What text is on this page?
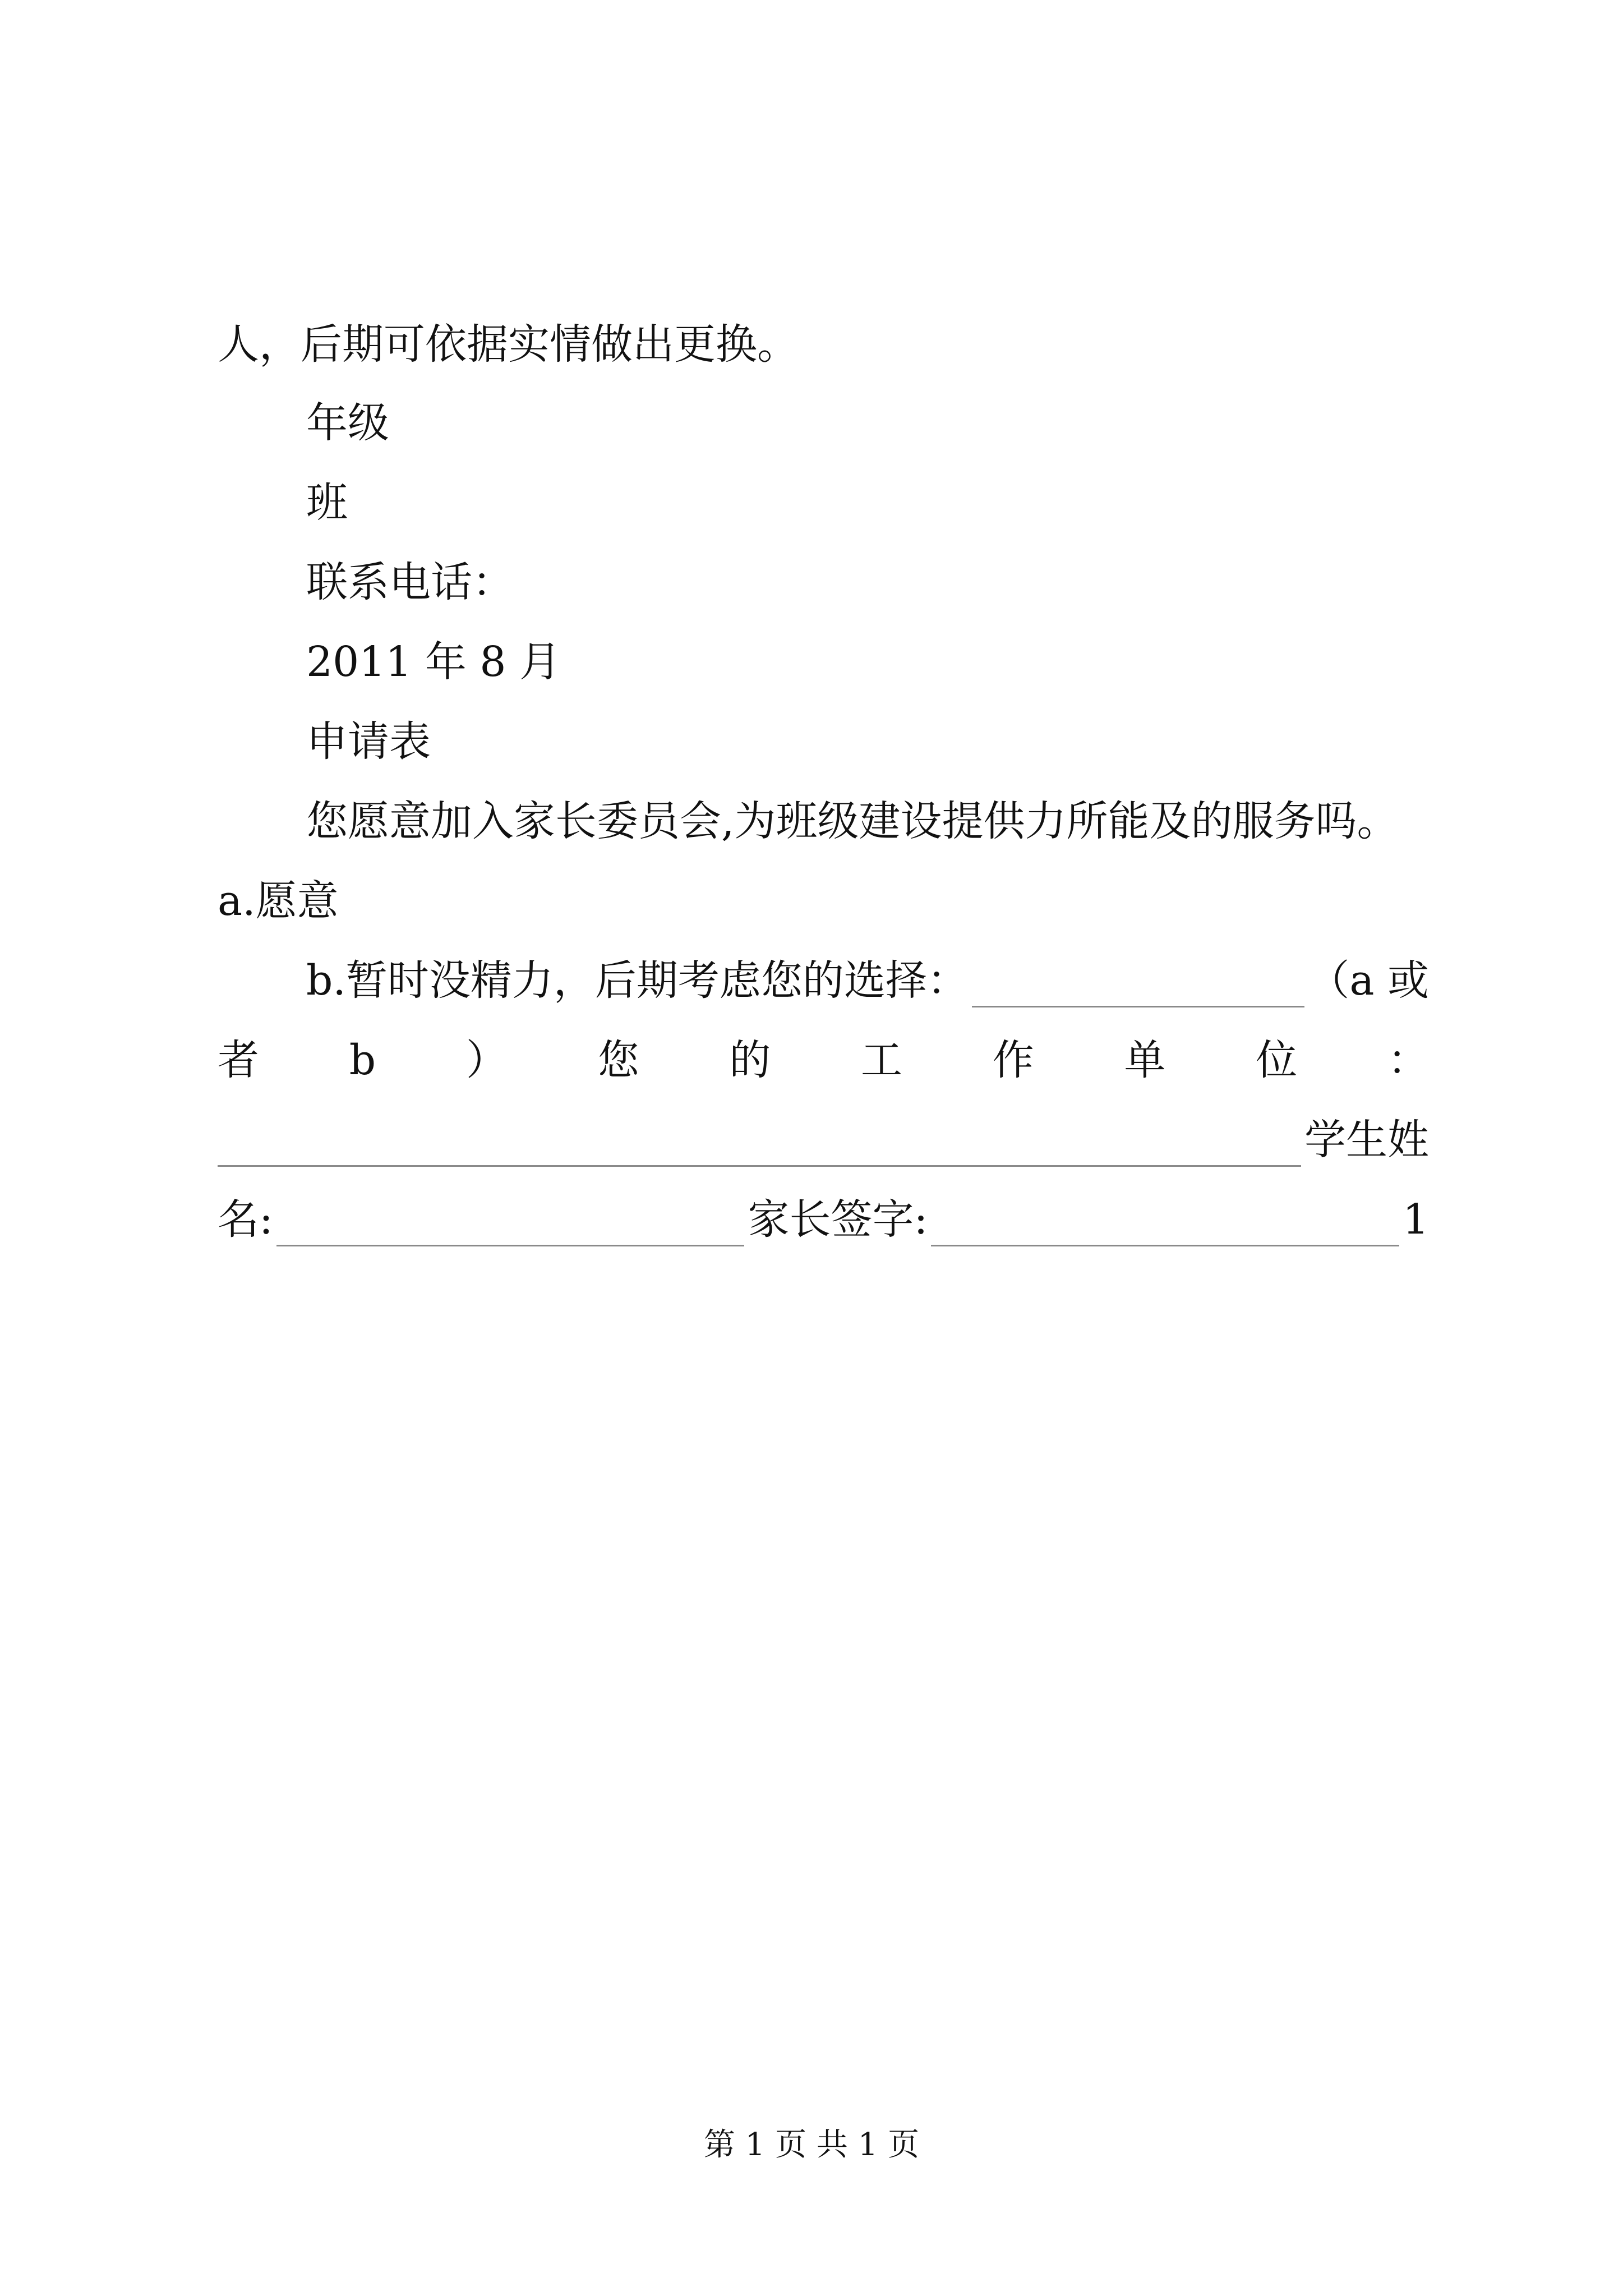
人，后期可依据实情做出更换。
年级
班
联系电话：
2011 年 8 月
申请表
您愿意加入家长委员会,为班级建设提供力所能及的服务吗。
a.愿意
b.暂时没精力，后期考虑您的选择：	（a 或
者 b ） 您 的 工 作 单 位 ：
学生姓
名:	家长签字:	1
第 1 页 共 1 页
